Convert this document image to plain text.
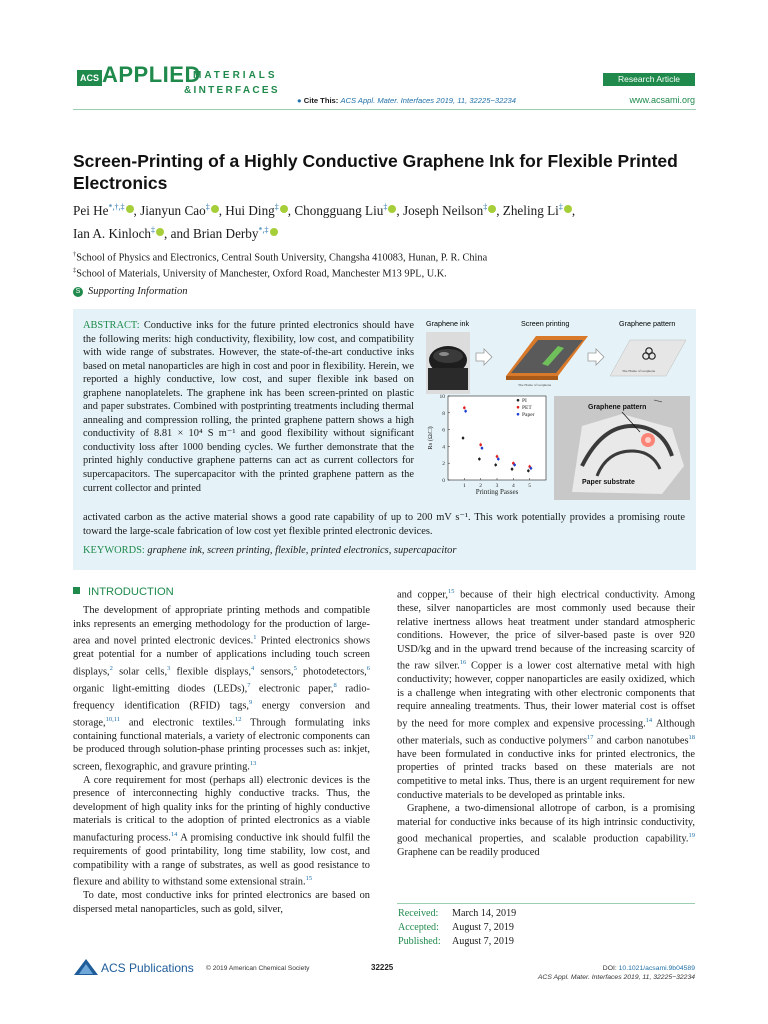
ACS APPLIED
MATERIALS
&INTERFACES
● Cite This: ACS Appl. Mater. Interfaces 2019, 11, 32225−32234
Research Article
www.acsami.org
Screen-Printing of a Highly Conductive Graphene Ink for Flexible Printed Electronics
Pei He*,†,‡ , Jianyun Cao‡ , Hui Ding‡ , Chongguang Liu‡ , Joseph Neilson‡ , Zheling Li‡ ,
Ian A. Kinloch‡ , and Brian Derby*,‡
†School of Physics and Electronics, Central South University, Changsha 410083, Hunan, P. R. China
‡School of Materials, University of Manchester, Oxford Road, Manchester M13 9PL, U.K.
S Supporting Information
ABSTRACT: Conductive inks for the future printed electronics should have the following merits: high conductivity, flexibility, low cost, and compatibility with wide range of substrates. However, the state-of-the-art conductive inks based on metal nanoparticles are high in cost and poor in flexibility. Herein, we reported a highly conductive, low cost, and super flexible ink based on graphene nanoplatelets. The graphene ink has been screen-printed on plastic and paper substrates. Combined with postprinting treatments including thermal annealing and compression rolling, the printed graphene pattern shows a high conductivity of 8.81 × 10⁴ S m⁻¹ and good flexibility without significant conductivity loss after 1000 bending cycles. We further demonstrate that the printed highly conductive graphene patterns can act as current collectors for supercapacitors. The supercapacitor with the printed graphene pattern as the current collector and printed
activated carbon as the active material shows a good rate capability of up to 200 mV s⁻¹. This work potentially provides a promising route toward the large-scale fabrication of low cost yet flexible printed electronic devices.
KEYWORDS: graphene ink, screen printing, flexible, printed electronics, supercapacitor
Graphene ink	Screen printing	Graphene pattern
The Home of Graphene
The Home of Graphene
0
2
4
6
8
10
1 2 3 4 5
Printing Passes
Rs (Ω/□)
PI
PET
Paper
Graphene pattern
Paper substrate
INTRODUCTION

The development of appropriate printing methods and compatible inks represents an emerging methodology for the production of large-area and novel printed electronic devices.$^1$ Printed electronics shows great potential for a number of applications including touch screen displays,$^2$ solar cells,$^3$ flexible displays,$^4$ sensors,$^5$ photodetectors,$^6$ organic light-emitting diodes (LEDs),$^7$ electronic paper,$^8$ radio-frequency identification (RFID) tags,$^9$ energy conversion and storage,$^{10,11}$ and electronic textiles.$^{12}$ Through formulating inks containing functional materials, a variety of electronic components can be produced through solution-phase printing processes such as: inkjet, screen, flexographic, and gravure printing.$^{13}$

A core requirement for most (perhaps all) electronic devices is the presence of interconnecting highly conductive tracks. Thus, the development of high quality inks for the printing of highly conductive materials is critical to the adoption of printed electronics as a viable manufacturing process.$^{14}$ A promising conductive ink should fulfil the requirements of good printability, long time stability, low cost, and compatibility with a range of substrates, as well as good resistance to flexure and ability to withstand some extensional strain.$^{15}$

To date, most conductive inks for printed electronics are based on dispersed metal nanoparticles, such as gold, silver,

and copper,$^{15}$ because of their high electrical conductivity. Among these, silver nanoparticles are most commonly used because their relative inertness allows heat treatment under standard atmospheric conditions. However, the price of silver-based paste is over 920 USD/kg and in the upward trend because of the increasing scarcity of the raw silver.$^{16}$ Copper is a lower cost alternative metal with high conductivity; however, copper nanoparticles are easily oxidized, which is a challenge when integrating with other electronic components that require annealing treatments. Thus, their lower material cost is offset by the need for more complex and expensive processing.$^{14}$ Although other materials, such as conductive polymers$^{17}$ and carbon nanotubes$^{18}$ have been formulated in conductive inks for printed electronics, the properties of printed tracks based on these materials are not competitive to metal inks. Thus, there is an urgent requirement for new conductive materials to be developed as printable inks.

Graphene, a two-dimensional allotrope of carbon, is a promising material for conductive inks because of its high intrinsic conductivity, good mechanical properties, and scalable production capability.$^{19}$ Graphene can be readily produced

Received: March 14, 2019
Accepted: August 7, 2019
Published: August 7, 2019
ACS Publications © 2019 American Chemical Society	32225	DOI: 10.1021/acsami.9b04589
ACS Appl. Mater. Interfaces 2019, 11, 32225−32234
